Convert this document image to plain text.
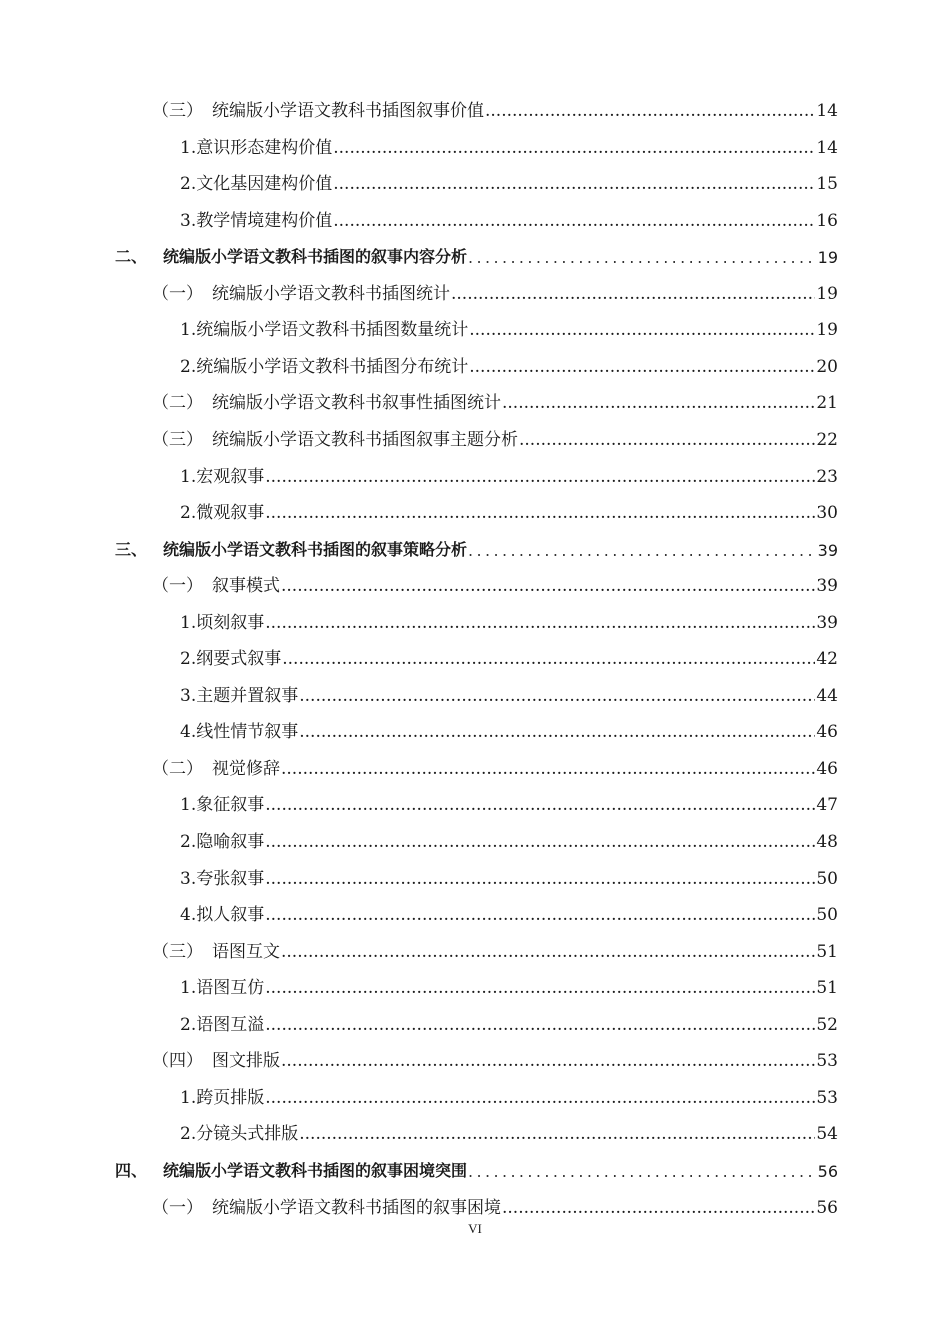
（三） 统编版小学语文教科书插图叙事价值 .....	14
1.意识形态建构价值 .....	14
2.文化基因建构价值 .....	15
3.教学情境建构价值 .....	16
二、 统编版小学语文教科书插图的叙事内容分析 .....	19
（一） 统编版小学语文教科书插图统计 .....	19
1.统编版小学语文教科书插图数量统计 .....	19
2.统编版小学语文教科书插图分布统计 .....	20
（二） 统编版小学语文教科书叙事性插图统计 .....	21
（三） 统编版小学语文教科书插图叙事主题分析 .....	22
1.宏观叙事 .....	23
2.微观叙事 .....	30
三、 统编版小学语文教科书插图的叙事策略分析 .....	39
（一） 叙事模式 .....	39
1.顷刻叙事 .....	39
2.纲要式叙事 .....	42
3.主题并置叙事 .....	44
4.线性情节叙事 .....	46
（二） 视觉修辞 .....	46
1.象征叙事 .....	47
2.隐喻叙事 .....	48
3.夸张叙事 .....	50
4.拟人叙事 .....	50
（三） 语图互文 .....	51
1.语图互仿 .....	51
2.语图互溢 .....	52
（四） 图文排版 .....	53
1.跨页排版 .....	53
2.分镜头式排版 .....	54
四、 统编版小学语文教科书插图的叙事困境突围 .....	56
（一） 统编版小学语文教科书插图的叙事困境 .....	56
VI
